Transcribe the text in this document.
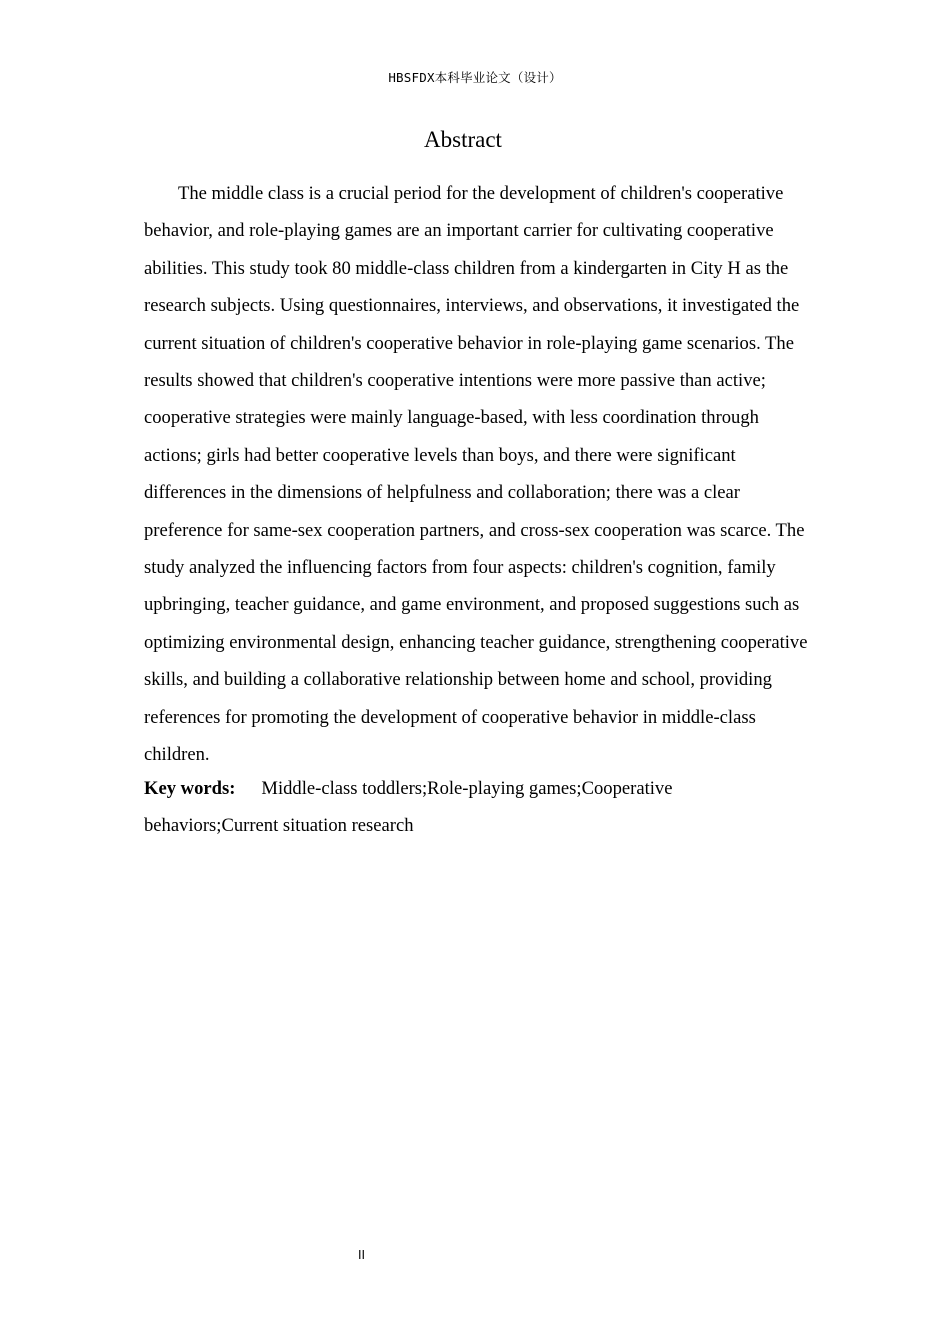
HBSFDX本科毕业论文（设计）
Abstract

The middle class is a crucial period for the development of children's cooperative behavior, and role-playing games are an important carrier for cultivating cooperative abilities. This study took 80 middle-class children from a kindergarten in City H as the research subjects. Using questionnaires, interviews, and observations, it investigated the current situation of children's cooperative behavior in role-playing game scenarios. The results showed that children's cooperative intentions were more passive than active; cooperative strategies were mainly language-based, with less coordination through actions; girls had better cooperative levels than boys, and there were significant differences in the dimensions of helpfulness and collaboration; there was a clear preference for same-sex cooperation partners, and cross-sex cooperation was scarce. The study analyzed the influencing factors from four aspects: children's cognition, family upbringing, teacher guidance, and game environment, and proposed suggestions such as optimizing environmental design, enhancing teacher guidance, strengthening cooperative skills, and building a collaborative relationship between home and school, providing references for promoting the development of cooperative behavior in middle-class children.

Key words: Middle-class toddlers;Role-playing games;Cooperative behaviors;Current situation research

II
